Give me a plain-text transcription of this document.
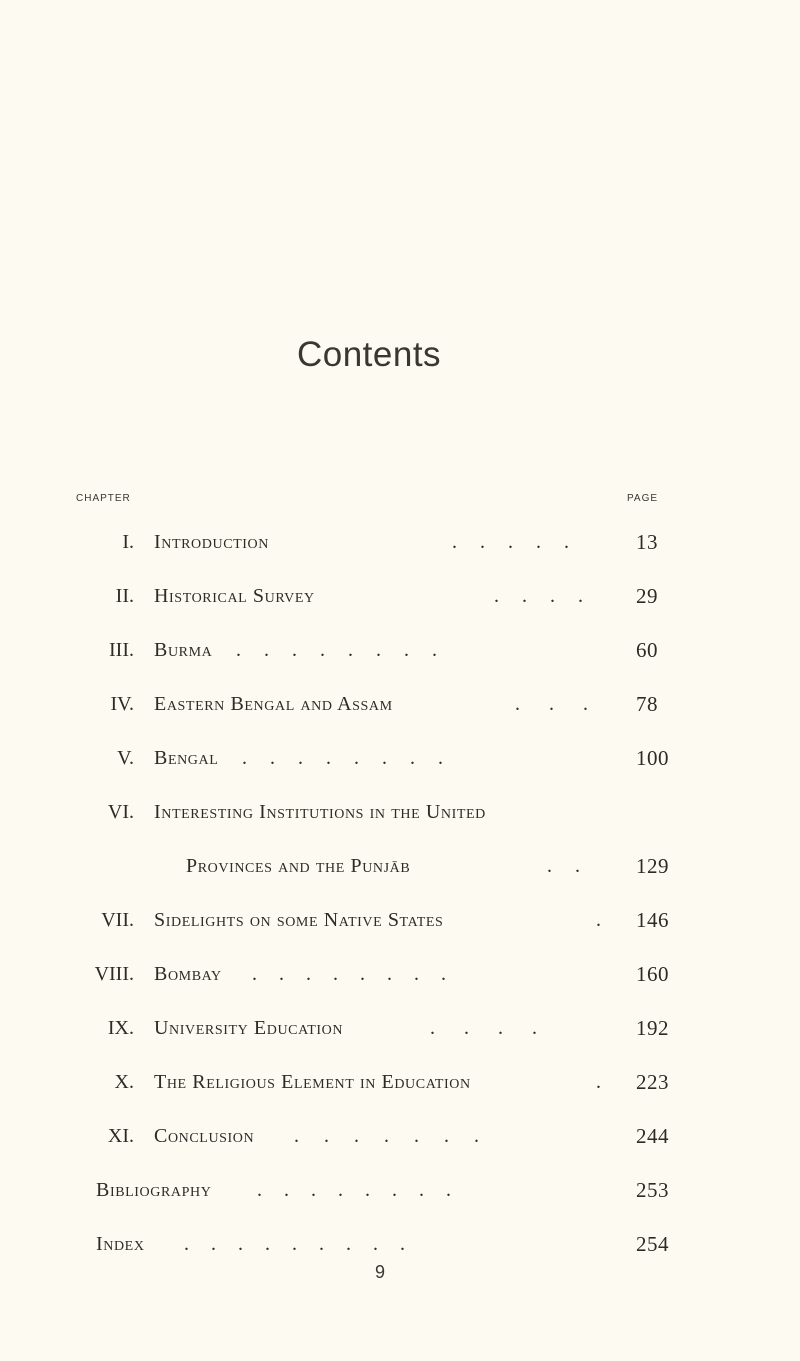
Contents
CHAPTER	PAGE
I. Introduction	. . . . .	13
II. Historical Survey	. . . .	29
III. Burma . . . . . . . .	60
IV. Eastern Bengal and Assam	. . . 78
V. Bengal . . . . . . . .	100
VI. Interesting Institutions in the United
Provinces and the Punjāb	. .	129
VII. Sidelights on some Native States	. 146
VIII. Bombay . . . . . . . .	160
IX. University Education	. . . .	192
X. The Religious Element in Education	. 223
XI. Conclusion . . . . . . .	244
Bibliography . . . . . . . .	253
Index . . . . . . . . .	254
9
